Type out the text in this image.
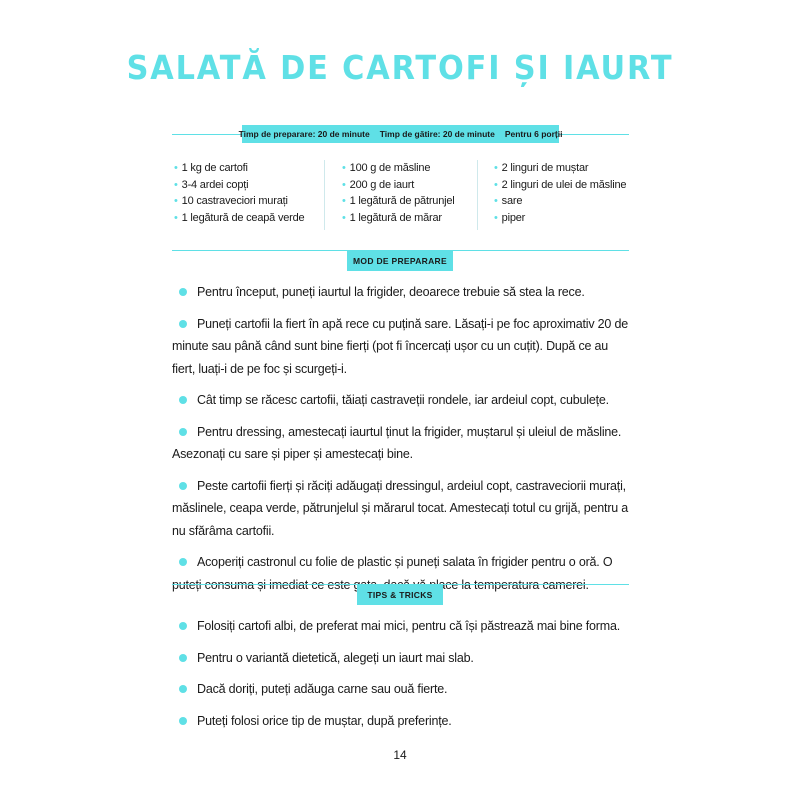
SALATĂ DE CARTOFI ȘI IAURT
Timp de preparare: 20 de minute Timp de gătire: 20 de minute Pentru 6 porții
• 1 kg de cartofi
• 3-4 ardei copți
• 10 castraveciori murați
• 1 legătură de ceapă verde
• 100 g de măsline
• 200 g de iaurt
• 1 legătură de pătrunjel
• 1 legătură de mărar
• 2 linguri de muștar
• 2 linguri de ulei de măsline
• sare
• piper
MOD DE PREPARARE
Pentru început, puneți iaurtul la frigider, deoarece trebuie să stea la rece.
Puneți cartofii la fiert în apă rece cu puțină sare. Lăsați-i pe foc aproximativ 20 de minute sau până când sunt bine fierți (pot fi încercați ușor cu un cuțit). După ce au fiert, luați-i de pe foc și scurgeți-i.
Cât timp se răcesc cartofii, tăiați castraveții rondele, iar ardeiul copt, cubulețe.
Pentru dressing, amestecați iaurtul ținut la frigider, muștarul și uleiul de măsline. Asezonați cu sare și piper și amestecați bine.
Peste cartofii fierți și răciți adăugați dressingul, ardeiul copt, castraveciorii murați, măslinele, ceapa verde, pătrunjelul și mărarul tocat. Amestecați totul cu grijă, pentru a nu sfărâma cartofii.
Acoperiți castronul cu folie de plastic și puneți salata în frigider pentru o oră. O puteți consuma imediat ce este place temperatura camerei.
TIPS & TRICKS
Folosiți cartofi albi, de preferat mai mici, pentru că își păstrează mai bine forma.
Pentru o variantă dietetică, alegeți un iaurt mai slab.
Dacă doriți, puteți adăuga carne sau ouă fierte.
Puteți folosi orice tip de muștar, după preferințe.
14
